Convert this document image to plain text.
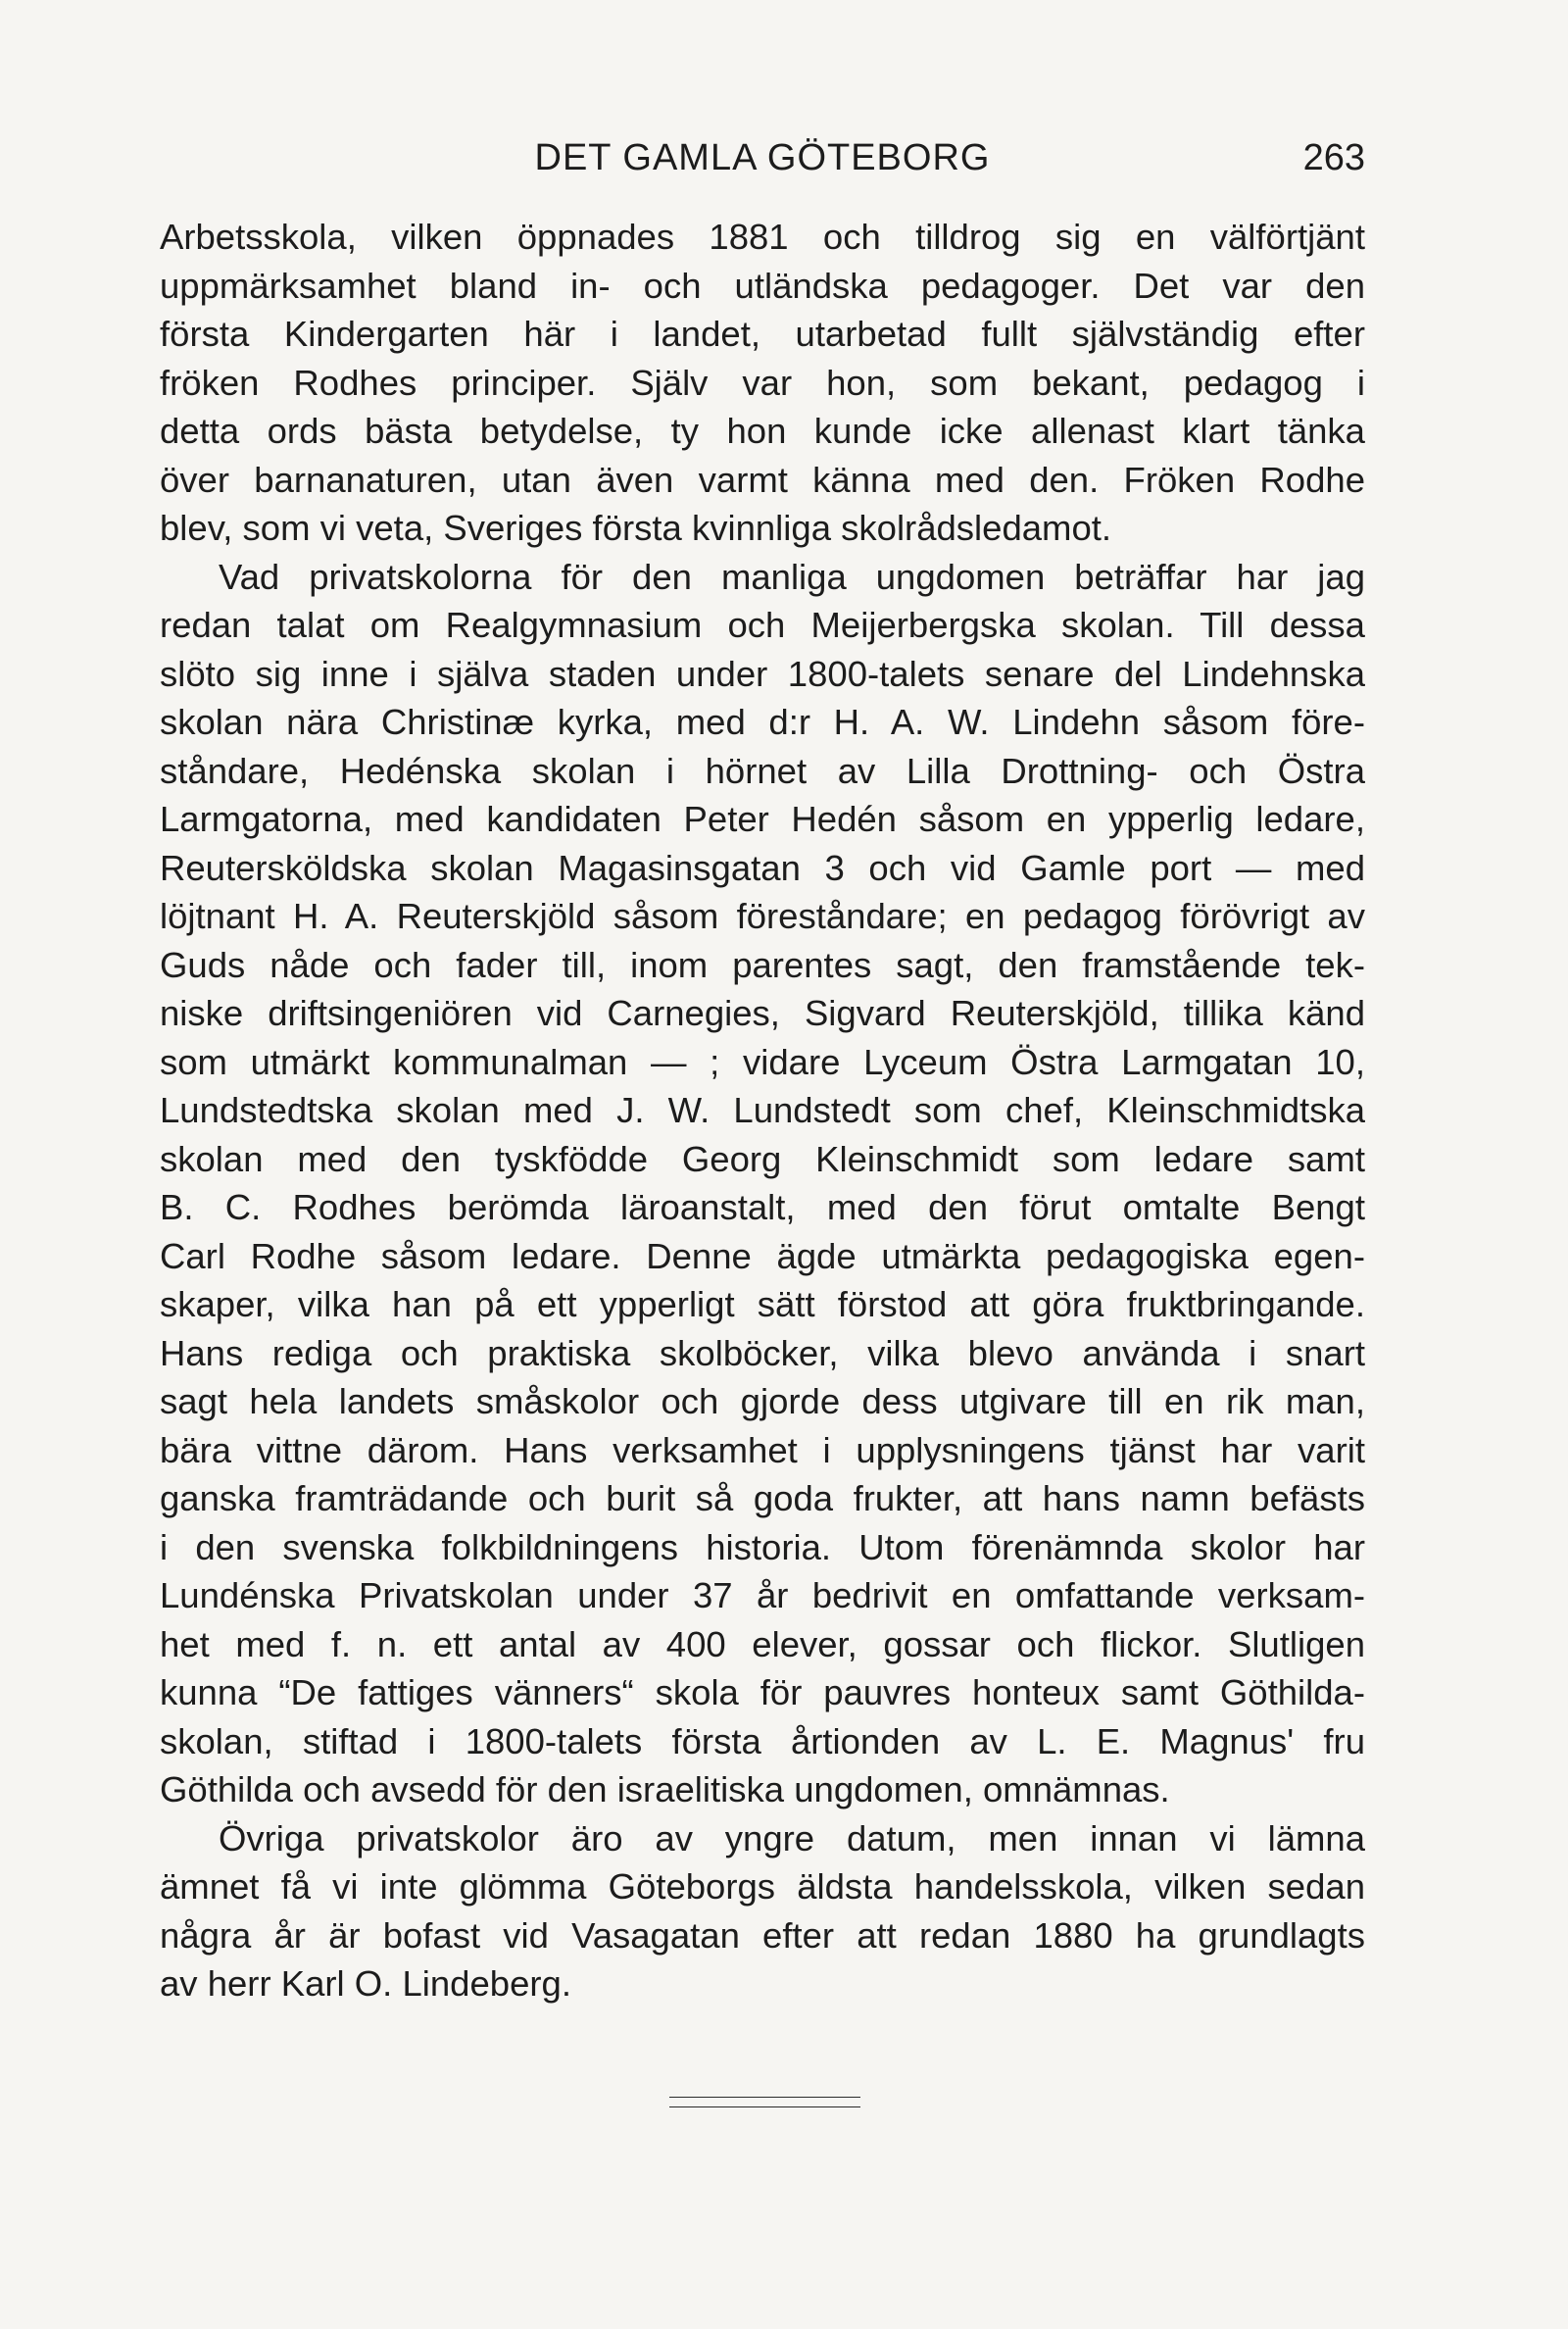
DET GAMLA GÖTEBORG	263
Arbetsskola, vilken öppnades 1881 och tilldrog sig en välförtjänt
uppmärksamhet bland in- och utländska pedagoger. Det var den
första Kindergarten här i landet, utarbetad fullt självständig efter
fröken Rodhes principer. Själv var hon, som bekant, pedagog i
detta ords bästa betydelse, ty hon kunde icke allenast klart tänka
över barnanaturen, utan även varmt känna med den. Fröken Rodhe
blev, som vi veta, Sveriges första kvinnliga skolrådsledamot.
Vad privatskolorna för den manliga ungdomen beträffar har jag
redan talat om Realgymnasium och Meijerbergska skolan. Till dessa
slöto sig inne i själva staden under 1800-talets senare del Lindehnska
skolan nära Christinæ kyrka, med d:r H. A. W. Lindehn såsom före-
ståndare, Hedénska skolan i hörnet av Lilla Drottning- och Östra
Larmgatorna, med kandidaten Peter Hedén såsom en ypperlig ledare,
Reutersköldska skolan Magasinsgatan 3 och vid Gamle port — med
löjtnant H. A. Reuterskjöld såsom föreståndare; en pedagog förövrigt av
Guds nåde och fader till, inom parentes sagt, den framstående tek-
niske driftsingeniören vid Carnegies, Sigvard Reuterskjöld, tillika känd
som utmärkt kommunalman — ; vidare Lyceum Östra Larmgatan 10,
Lundstedtska skolan med J. W. Lundstedt som chef, Kleinschmidtska
skolan med den tyskfödde Georg Kleinschmidt som ledare samt
B. C. Rodhes berömda läroanstalt, med den förut omtalte Bengt
Carl Rodhe såsom ledare. Denne ägde utmärkta pedagogiska egen-
skaper, vilka han på ett ypperligt sätt förstod att göra fruktbringande.
Hans rediga och praktiska skolböcker, vilka blevo använda i snart
sagt hela landets småskolor och gjorde dess utgivare till en rik man,
bära vittne därom. Hans verksamhet i upplysningens tjänst har varit
ganska framträdande och burit så goda frukter, att hans namn befästs
i den svenska folkbildningens historia. Utom förenämnda skolor har
Lundénska Privatskolan under 37 år bedrivit en omfattande verksam-
het med f. n. ett antal av 400 elever, gossar och flickor. Slutligen
kunna “De fattiges vänners“ skola för pauvres honteux samt Göthilda-
skolan, stiftad i 1800-talets första årtionden av L. E. Magnus' fru
Göthilda och avsedd för den israelitiska ungdomen, omnämnas.
Övriga privatskolor äro av yngre datum, men innan vi lämna
ämnet få vi inte glömma Göteborgs äldsta handelsskola, vilken sedan
några år är bofast vid Vasagatan efter att redan 1880 ha grundlagts
av herr Karl O. Lindeberg.
